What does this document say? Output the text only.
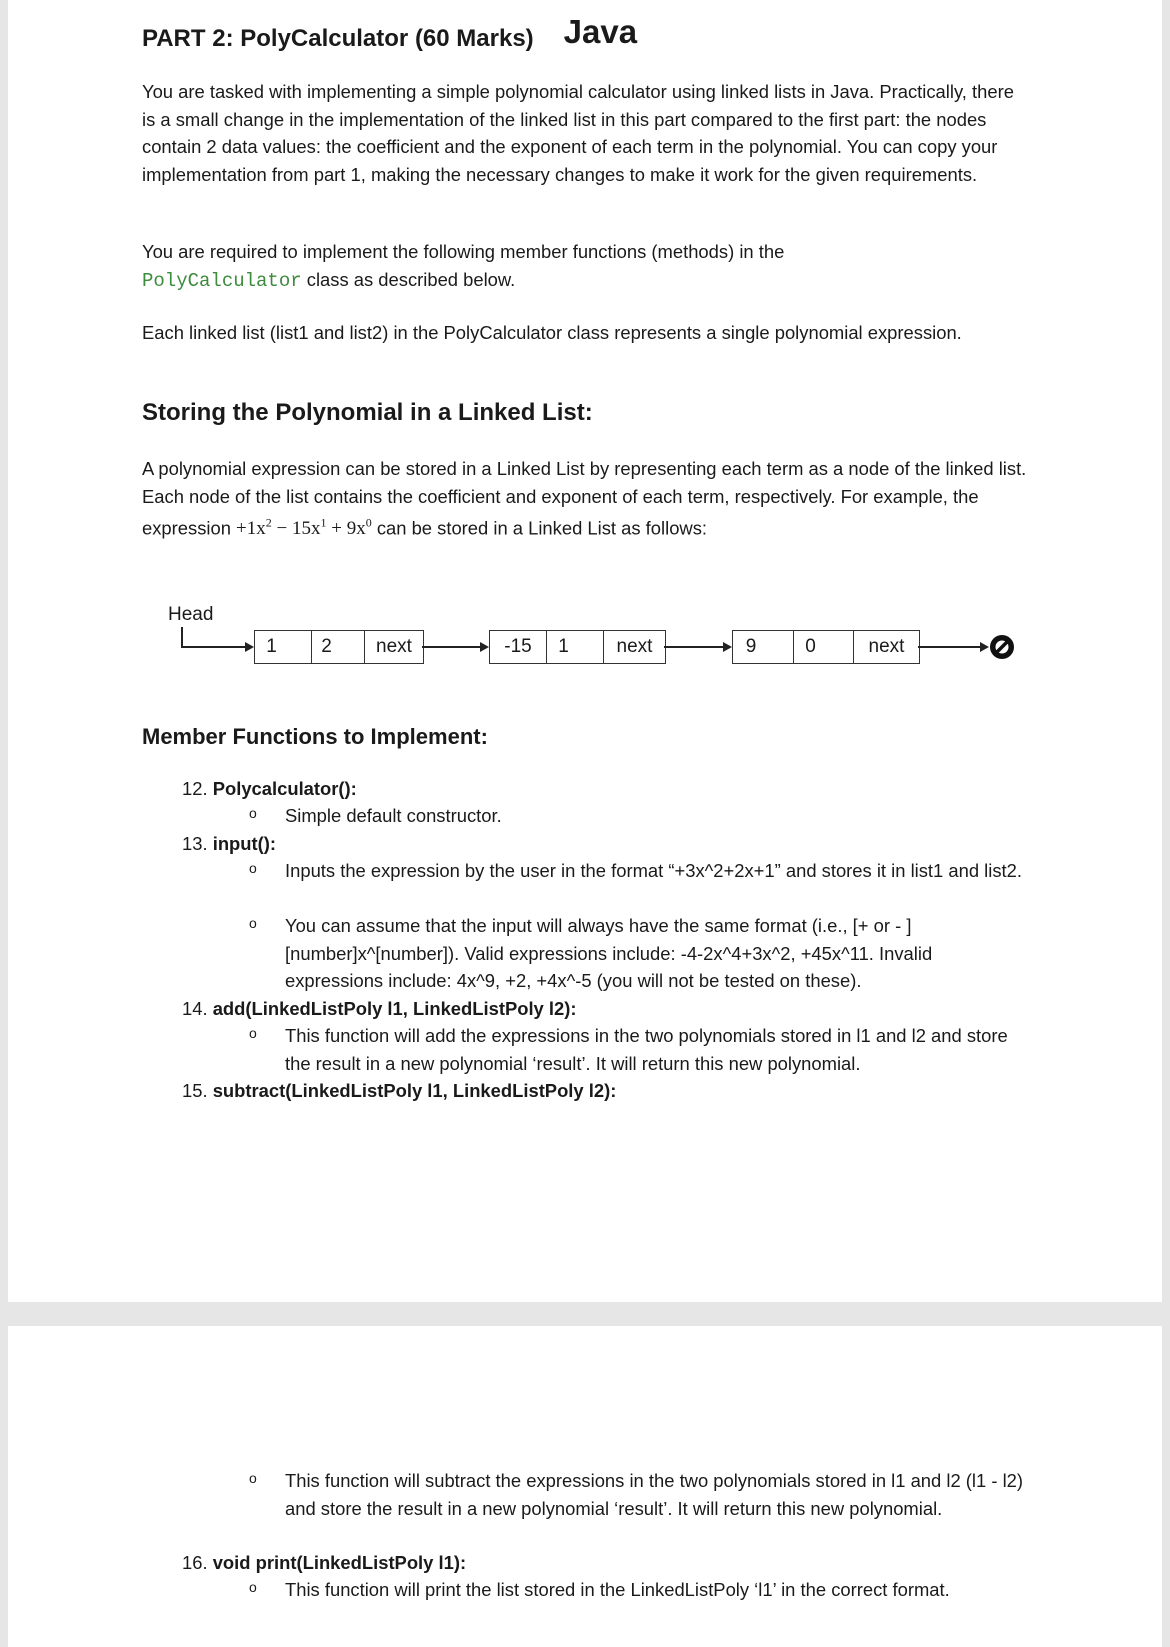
PART 2: PolyCalculator (60 Marks) Java
You are tasked with implementing a simple polynomial calculator using linked lists in Java. Practically, there is a small change in the implementation of the linked list in this part compared to the first part: the nodes contain 2 data values: the coefficient and the exponent of each term in the polynomial. You can copy your implementation from part 1, making the necessary changes to make it work for the given requirements.
You are required to implement the following member functions (methods) in the
PolyCalculator class as described below.
Each linked list (list1 and list2) in the PolyCalculator class represents a single polynomial expression.
Storing the Polynomial in a Linked List:
A polynomial expression can be stored in a Linked List by representing each term as a node of the linked list. Each node of the list contains the coefficient and exponent of each term, respectively. For example, the expression $+1x^2 - 15x^1 + 9x^0$ can be stored in a Linked List as follows:
Head
1	2	next	-15	1	next	9	0	next
Member Functions to Implement:
12. Polycalculator():
o Simple default constructor.
13. input():
o Inputs the expression by the user in the format “+3x^2+2x+1” and stores it in list1 and list2.
o You can assume that the input will always have the same format (i.e., [+ or - ][number]x^[number]). Valid expressions include: -4-2x^4+3x^2, +45x^11. Invalid expressions include: 4x^9, +2, +4x^-5 (you will not be tested on these).
14. add(LinkedListPoly l1, LinkedListPoly l2):
o This function will add the expressions in the two polynomials stored in l1 and l2 and store the result in a new polynomial ‘result’. It will return this new polynomial.
15. subtract(LinkedListPoly l1, LinkedListPoly l2):
o This function will subtract the expressions in the two polynomials stored in l1 and l2 (l1 - l2) and store the result in a new polynomial ‘result’. It will return this new polynomial.
16. void print(LinkedListPoly l1):
o This function will print the list stored in the LinkedListPoly ‘l1’ in the correct format.
